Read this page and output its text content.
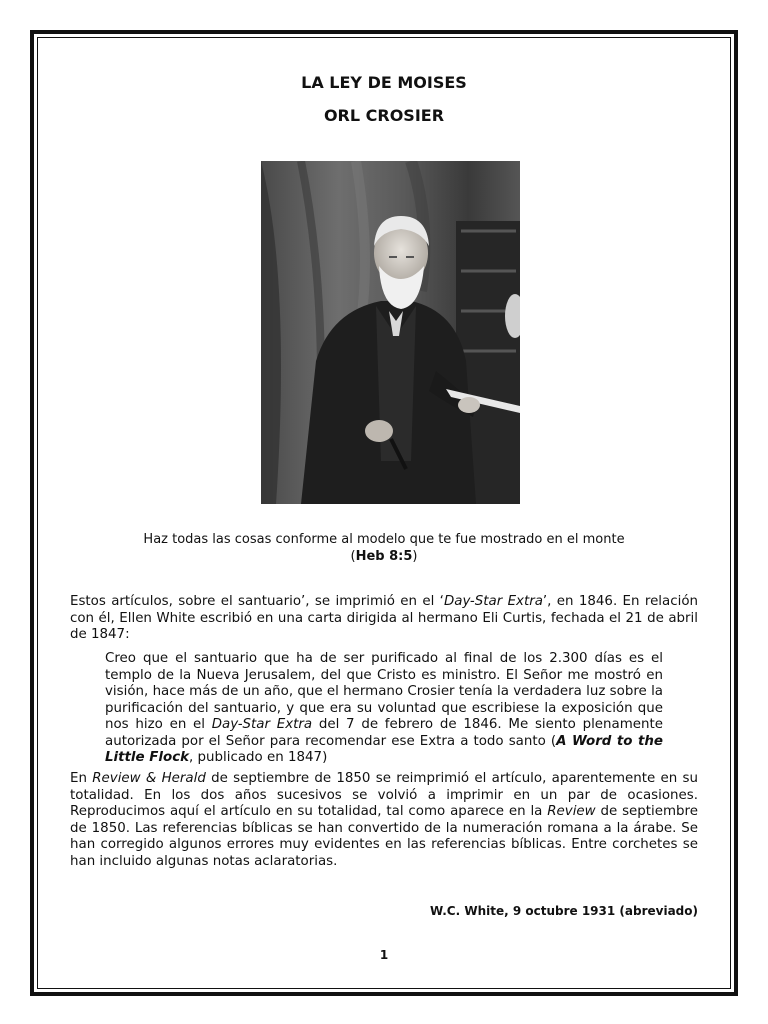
LA LEY DE MOISES
ORL CROSIER
Haz todas las cosas conforme al modelo que te fue mostrado en el monte
(Heb 8:5)
Estos artículos, sobre el santuario’, se imprimió en el ‘Day-Star Extra’, en 1846. En relación con él, Ellen White escribió en una carta dirigida al hermano Eli Curtis, fechada el 21 de abril de 1847:
Creo que el santuario que ha de ser purificado al final de los 2.300 días es el templo de la Nueva Jerusalem, del que Cristo es ministro. El Señor me mostró en visión, hace más de un año, que el hermano Crosier tenía la verdadera luz sobre la purificación del santuario, y que era su voluntad que escribiese la exposición que nos hizo en el Day-Star Extra del 7 de febrero de 1846. Me siento plenamente autorizada por el Señor para recomendar ese Extra a todo santo (A Word to the Little Flock, publicado en 1847)
En Review & Herald de septiembre de 1850 se reimprimió el artículo, aparentemente en su totalidad. En los dos años sucesivos se volvió a imprimir en un par de ocasiones. Reproducimos aquí el artículo en su totalidad, tal como aparece en la Review de septiembre de 1850. Las referencias bíblicas se han convertido de la numeración romana a la árabe. Se han corregido algunos errores muy evidentes en las referencias bíblicas. Entre corchetes se han incluido algunas notas aclaratorias.
W.C. White, 9 octubre 1931 (abreviado)
1
